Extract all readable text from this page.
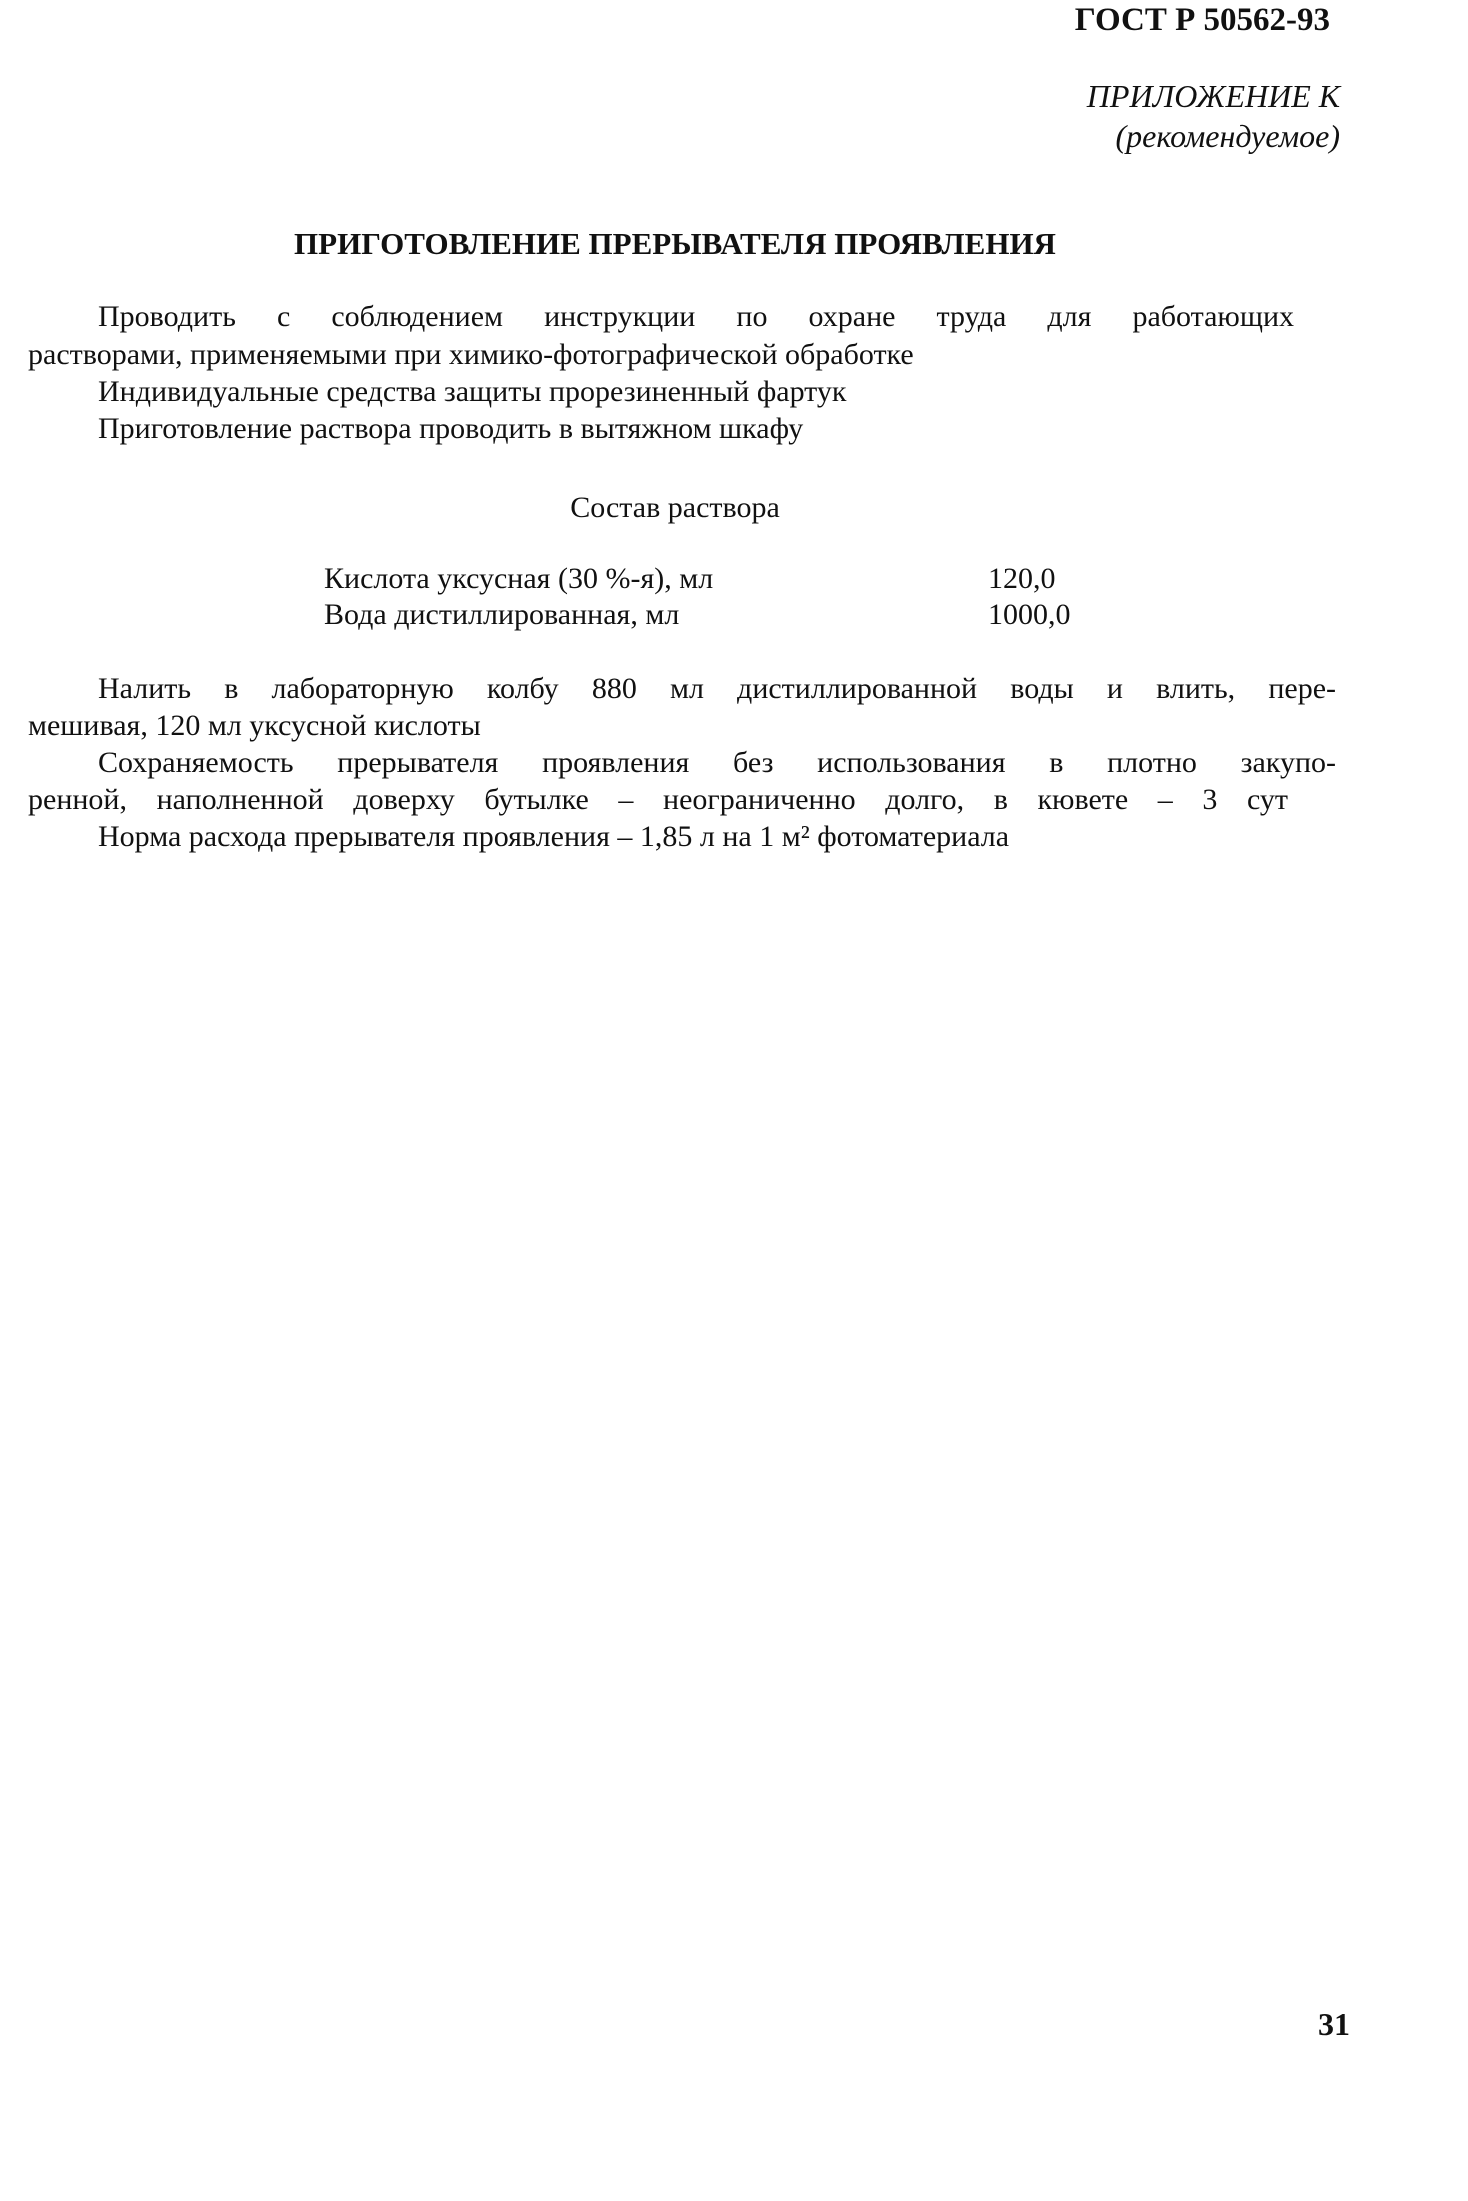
ГОСТ Р 50562-93
ПРИЛОЖЕНИЕ К
(рекомендуемое)
ПРИГОТОВЛЕНИЕ ПРЕРЫВАТЕЛЯ ПРОЯВЛЕНИЯ
Проводить с соблюдением инструкции по охране труда для работающих
растворами, применяемыми при химико-фотографической обработке
Индивидуальные средства защиты прорезиненный фартук
Приготовление раствора проводить в вытяжном шкафу
Состав раствора
Кислота уксусная (30 %-я), мл	120,0
Вода дистиллированная, мл	1000,0
Налить в лабораторную колбу 880 мл дистиллированной воды и влить, пере-
мешивая, 120 мл уксусной кислоты
Сохраняемость прерывателя проявления без использования в плотно закупо-
ренной, наполненной доверху бутылке – неограниченно долго, в кювете – 3 сут
Норма расхода прерывателя проявления – 1,85 л на 1 м² фотоматериала
31
